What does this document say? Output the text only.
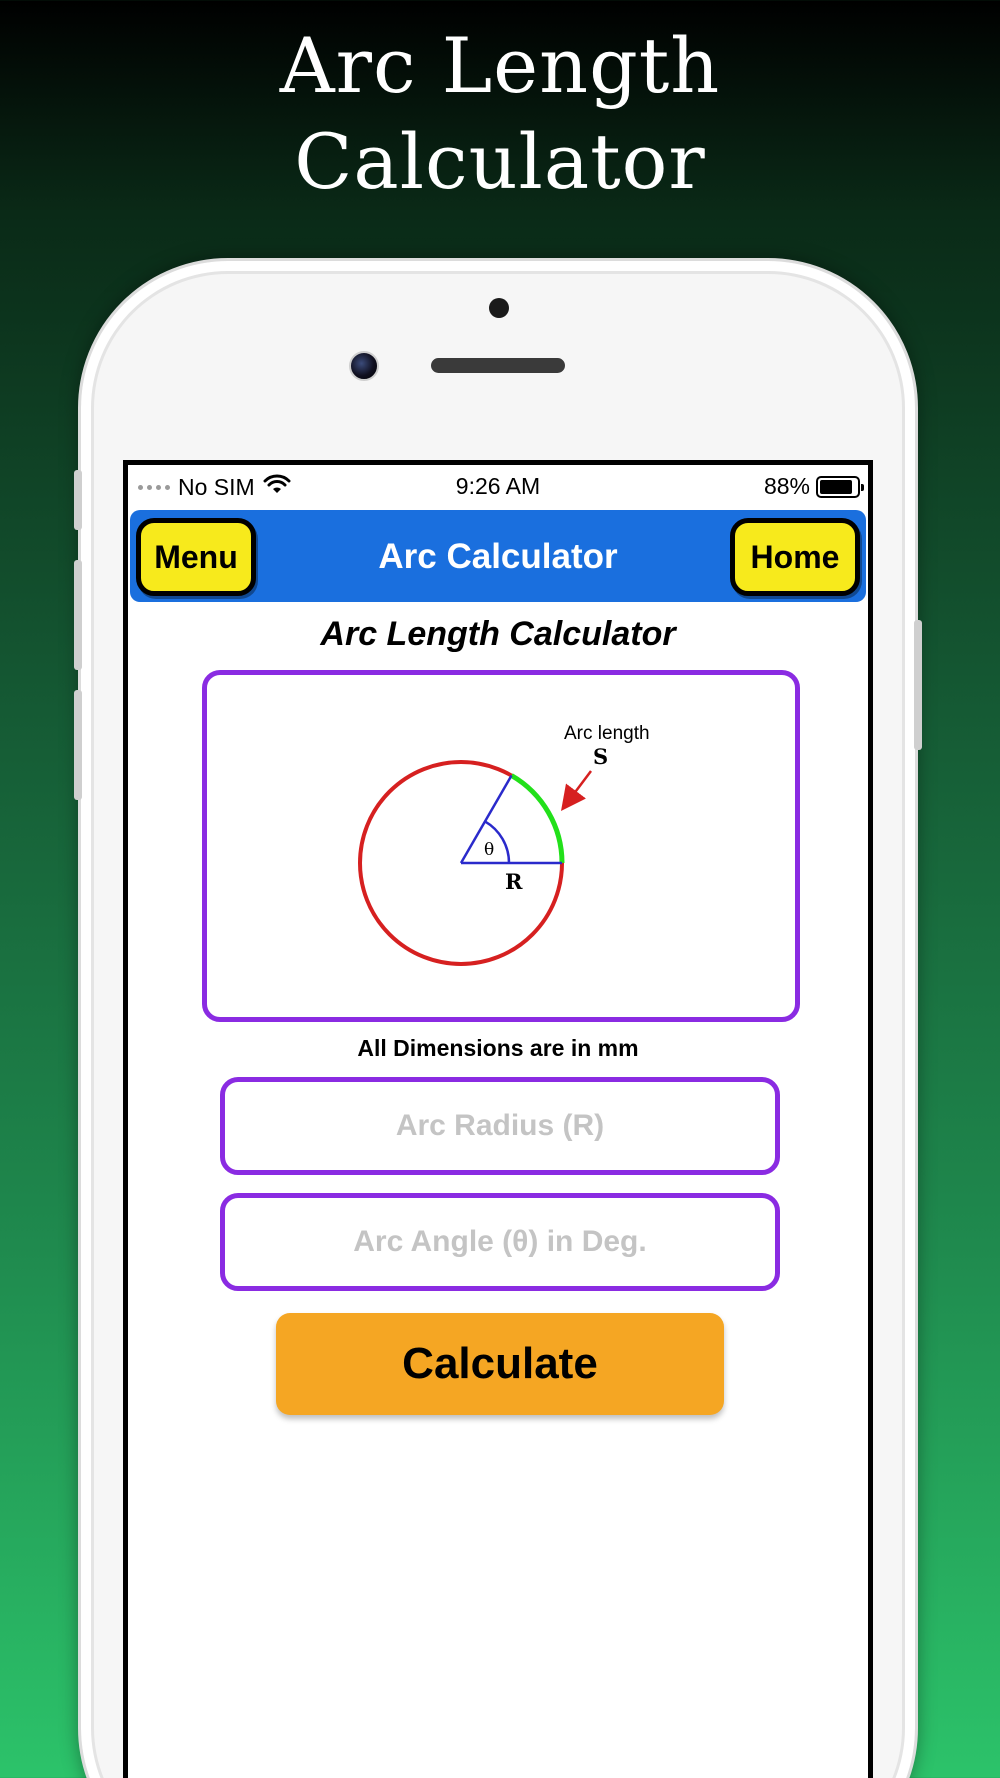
Arc Length
Calculator
No SIM	9:26 AM	88%
Menu	Arc Calculator	Home
Arc Length Calculator
θ
R
Arc length
S
All Dimensions are in mm
Arc Radius (R)
Arc Angle (θ) in Deg.
Calculate
